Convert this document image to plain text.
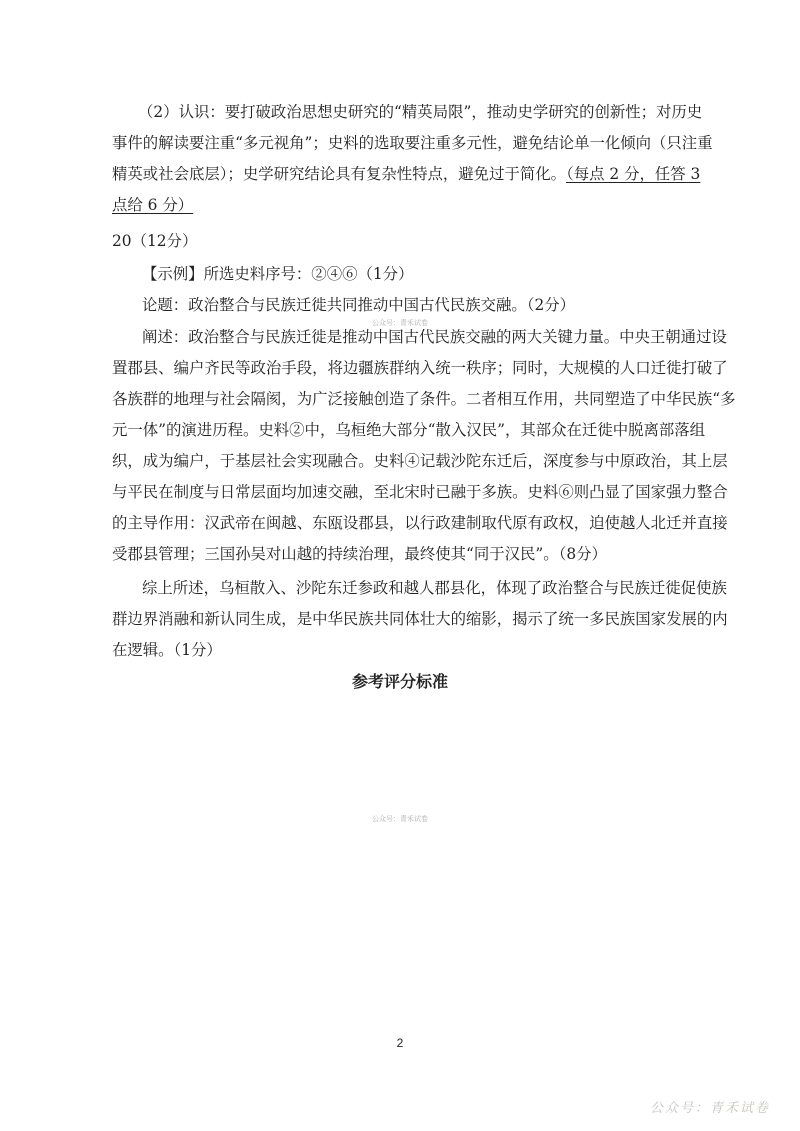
（2）认识：要打破政治思想史研究的“精英局限”，推动史学研究的创新性；对历史
事件的解读要注重“多元视角”；史料的选取要注重多元性，避免结论单一化倾向（只注重
精英或社会底层）；史学研究结论具有复杂性特点，避免过于简化。（每点 2 分，任答 3
点给 6 分）
20（12分）
【示例】所选史料序号：②④⑥（1分）
论题：政治整合与民族迁徙共同推动中国古代民族交融。（2分）
公众号：青禾试卷
阐述：政治整合与民族迁徙是推动中国古代民族交融的两大关键力量。中央王朝通过设
置郡县、编户齐民等政治手段，将边疆族群纳入统一秩序；同时，大规模的人口迁徙打破了
各族群的地理与社会隔阂，为广泛接触创造了条件。二者相互作用，共同塑造了中华民族“多
元一体”的演进历程。史料②中，乌桓绝大部分“散入汉民”，其部众在迁徙中脱离部落组
织，成为编户，于基层社会实现融合。史料④记载沙陀东迁后，深度参与中原政治，其上层
与平民在制度与日常层面均加速交融，至北宋时已融于多族。史料⑥则凸显了国家强力整合
的主导作用：汉武帝在闽越、东瓯设郡县，以行政建制取代原有政权，迫使越人北迁并直接
受郡县管理；三国孙吴对山越的持续治理，最终使其“同于汉民”。（8分）
综上所述，乌桓散入、沙陀东迁参政和越人郡县化，体现了政治整合与民族迁徙促使族
群边界消融和新认同生成，是中华民族共同体壮大的缩影，揭示了统一多民族国家发展的内
在逻辑。（1分）
参考评分标准
公众号：青禾试卷
2
公众号：青禾试卷
